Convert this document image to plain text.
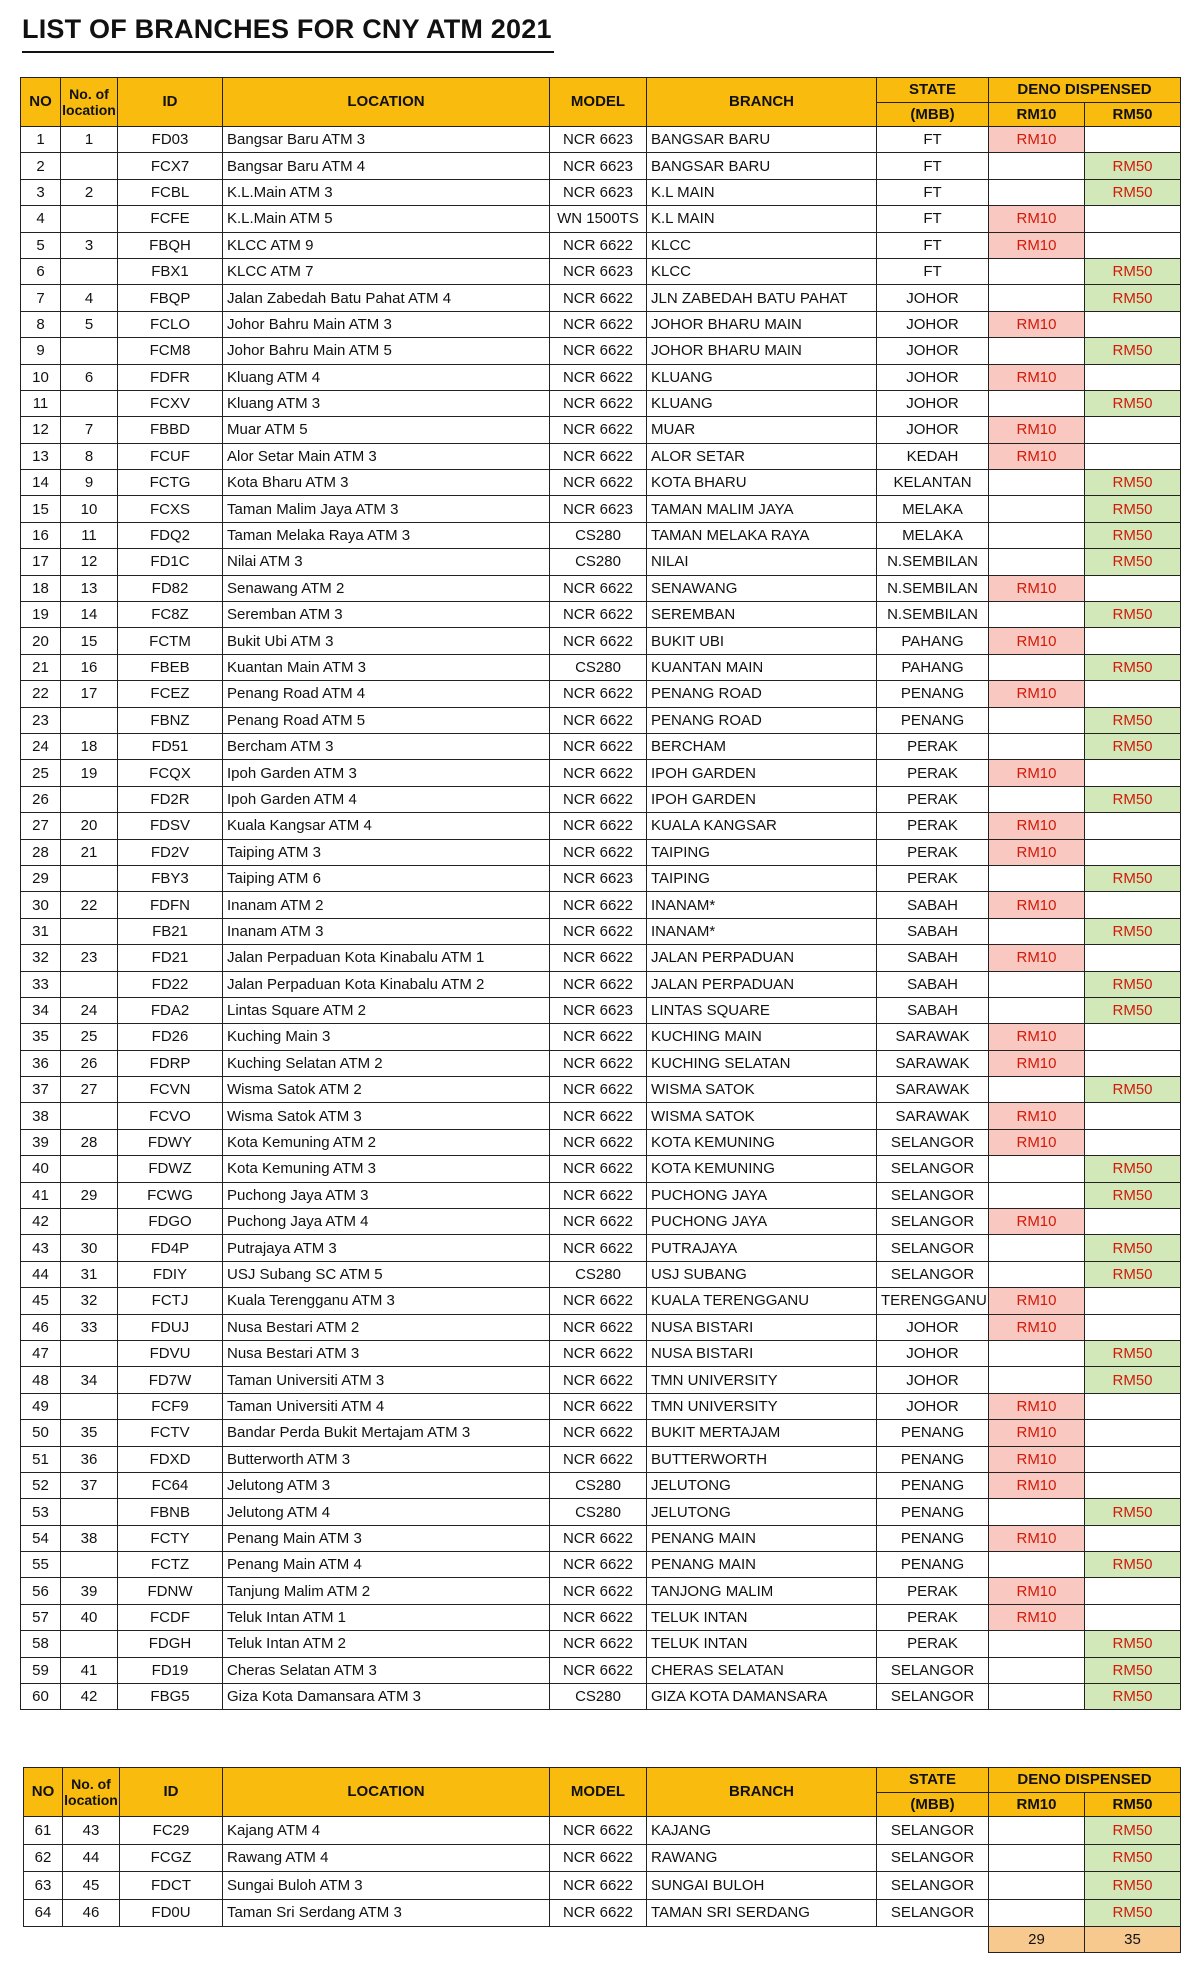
LIST OF BRANCHES FOR CNY ATM 2021
NO	No. of location	ID	LOCATION	MODEL	BRANCH	STATE	DENO DISPENSED	
						(MBB)	RM10	RM50
1	1	FD03	Bangsar Baru ATM 3	NCR 6623	BANGSAR BARU	FT	RM10	
2		FCX7	Bangsar Baru ATM 4	NCR 6623	BANGSAR BARU	FT		RM50
3	2	FCBL	K.L.Main ATM 3	NCR 6623	K.L MAIN	FT		RM50
4		FCFE	K.L.Main ATM 5	WN 1500TS	K.L MAIN	FT	RM10	
5	3	FBQH	KLCC ATM 9	NCR 6622	KLCC	FT	RM10	
6		FBX1	KLCC ATM 7	NCR 6623	KLCC	FT		RM50
7	4	FBQP	Jalan Zabedah Batu Pahat ATM 4	NCR 6622	JLN ZABEDAH BATU PAHAT	JOHOR		RM50
8	5	FCLO	Johor Bahru Main ATM 3	NCR 6622	JOHOR BHARU MAIN	JOHOR	RM10	
9		FCM8	Johor Bahru Main ATM 5	NCR 6622	JOHOR BHARU MAIN	JOHOR		RM50
10	6	FDFR	Kluang ATM 4	NCR 6622	KLUANG	JOHOR	RM10	
11		FCXV	Kluang ATM 3	NCR 6622	KLUANG	JOHOR		RM50
12	7	FBBD	Muar ATM 5	NCR 6622	MUAR	JOHOR	RM10	
13	8	FCUF	Alor Setar Main ATM 3	NCR 6622	ALOR SETAR	KEDAH	RM10	
14	9	FCTG	Kota Bharu ATM 3	NCR 6622	KOTA BHARU	KELANTAN		RM50
15	10	FCXS	Taman Malim Jaya ATM 3	NCR 6623	TAMAN MALIM JAYA	MELAKA		RM50
16	11	FDQ2	Taman Melaka Raya ATM 3	CS280	TAMAN MELAKA RAYA	MELAKA		RM50
17	12	FD1C	Nilai ATM 3	CS280	NILAI	N.SEMBILAN		RM50
18	13	FD82	Senawang ATM 2	NCR 6622	SENAWANG	N.SEMBILAN	RM10	
19	14	FC8Z	Seremban ATM 3	NCR 6622	SEREMBAN	N.SEMBILAN		RM50
20	15	FCTM	Bukit Ubi ATM 3	NCR 6622	BUKIT UBI	PAHANG	RM10	
21	16	FBEB	Kuantan Main ATM 3	CS280	KUANTAN MAIN	PAHANG		RM50
22	17	FCEZ	Penang Road ATM 4	NCR 6622	PENANG ROAD	PENANG	RM10	
23		FBNZ	Penang Road ATM 5	NCR 6622	PENANG ROAD	PENANG		RM50
24	18	FD51	Bercham ATM 3	NCR 6622	BERCHAM	PERAK		RM50
25	19	FCQX	Ipoh Garden ATM 3	NCR 6622	IPOH GARDEN	PERAK	RM10	
26		FD2R	Ipoh Garden ATM 4	NCR 6622	IPOH GARDEN	PERAK		RM50
27	20	FDSV	Kuala Kangsar ATM 4	NCR 6622	KUALA KANGSAR	PERAK	RM10	
28	21	FD2V	Taiping ATM 3	NCR 6622	TAIPING	PERAK	RM10	
29		FBY3	Taiping ATM 6	NCR 6623	TAIPING	PERAK		RM50
30	22	FDFN	Inanam ATM 2	NCR 6622	INANAM*	SABAH	RM10	
31		FB21	Inanam ATM 3	NCR 6622	INANAM*	SABAH		RM50
32	23	FD21	Jalan Perpaduan Kota Kinabalu ATM 1	NCR 6622	JALAN PERPADUAN	SABAH	RM10	
33		FD22	Jalan Perpaduan Kota Kinabalu ATM 2	NCR 6622	JALAN PERPADUAN	SABAH		RM50
34	24	FDA2	Lintas Square ATM 2	NCR 6623	LINTAS SQUARE	SABAH		RM50
35	25	FD26	Kuching Main 3	NCR 6622	KUCHING MAIN	SARAWAK	RM10	
36	26	FDRP	Kuching Selatan ATM 2	NCR 6622	KUCHING SELATAN	SARAWAK	RM10	
37	27	FCVN	Wisma Satok ATM 2	NCR 6622	WISMA SATOK	SARAWAK		RM50
38		FCVO	Wisma Satok ATM 3	NCR 6622	WISMA SATOK	SARAWAK	RM10	
39	28	FDWY	Kota Kemuning ATM 2	NCR 6622	KOTA KEMUNING	SELANGOR	RM10	
40		FDWZ	Kota Kemuning ATM 3	NCR 6622	KOTA KEMUNING	SELANGOR		RM50
41	29	FCWG	Puchong Jaya ATM 3	NCR 6622	PUCHONG JAYA	SELANGOR		RM50
42		FDGO	Puchong Jaya ATM 4	NCR 6622	PUCHONG JAYA	SELANGOR	RM10	
43	30	FD4P	Putrajaya ATM 3	NCR 6622	PUTRAJAYA	SELANGOR		RM50
44	31	FDIY	USJ Subang SC ATM 5	CS280	USJ SUBANG	SELANGOR		RM50
45	32	FCTJ	Kuala Terengganu ATM 3	NCR 6622	KUALA TERENGGANU	TERENGGANU	RM10	
46	33	FDUJ	Nusa Bestari ATM 2	NCR 6622	NUSA BISTARI	JOHOR	RM10	
47		FDVU	Nusa Bestari ATM 3	NCR 6622	NUSA BISTARI	JOHOR		RM50
48	34	FD7W	Taman Universiti ATM 3	NCR 6622	TMN UNIVERSITY	JOHOR		RM50
49		FCF9	Taman Universiti ATM 4	NCR 6622	TMN UNIVERSITY	JOHOR	RM10	
50	35	FCTV	Bandar Perda Bukit Mertajam ATM 3	NCR 6622	BUKIT MERTAJAM	PENANG	RM10	
51	36	FDXD	Butterworth ATM 3	NCR 6622	BUTTERWORTH	PENANG	RM10	
52	37	FC64	Jelutong ATM 3	CS280	JELUTONG	PENANG	RM10	
53		FBNB	Jelutong ATM 4	CS280	JELUTONG	PENANG		RM50
54	38	FCTY	Penang Main ATM 3	NCR 6622	PENANG MAIN	PENANG	RM10	
55		FCTZ	Penang Main ATM 4	NCR 6622	PENANG MAIN	PENANG		RM50
56	39	FDNW	Tanjung Malim ATM 2	NCR 6622	TANJONG MALIM	PERAK	RM10	
57	40	FCDF	Teluk Intan ATM 1	NCR 6622	TELUK INTAN	PERAK	RM10	
58		FDGH	Teluk Intan ATM 2	NCR 6622	TELUK INTAN	PERAK		RM50
59	41	FD19	Cheras Selatan ATM 3	NCR 6622	CHERAS SELATAN	SELANGOR		RM50
60	42	FBG5	Giza Kota Damansara ATM 3	CS280	GIZA KOTA DAMANSARA	SELANGOR		RM50
NO	No. of location	ID	LOCATION	MODEL	BRANCH	STATE	DENO DISPENSED	
						(MBB)	RM10	RM50
61	43	FC29	Kajang ATM 4	NCR 6622	KAJANG	SELANGOR		RM50
62	44	FCGZ	Rawang ATM 4	NCR 6622	RAWANG	SELANGOR		RM50
63	45	FDCT	Sungai Buloh ATM 3	NCR 6622	SUNGAI BULOH	SELANGOR		RM50
64	46	FD0U	Taman Sri Serdang ATM 3	NCR 6622	TAMAN SRI SERDANG	SELANGOR		RM50
							29	35
